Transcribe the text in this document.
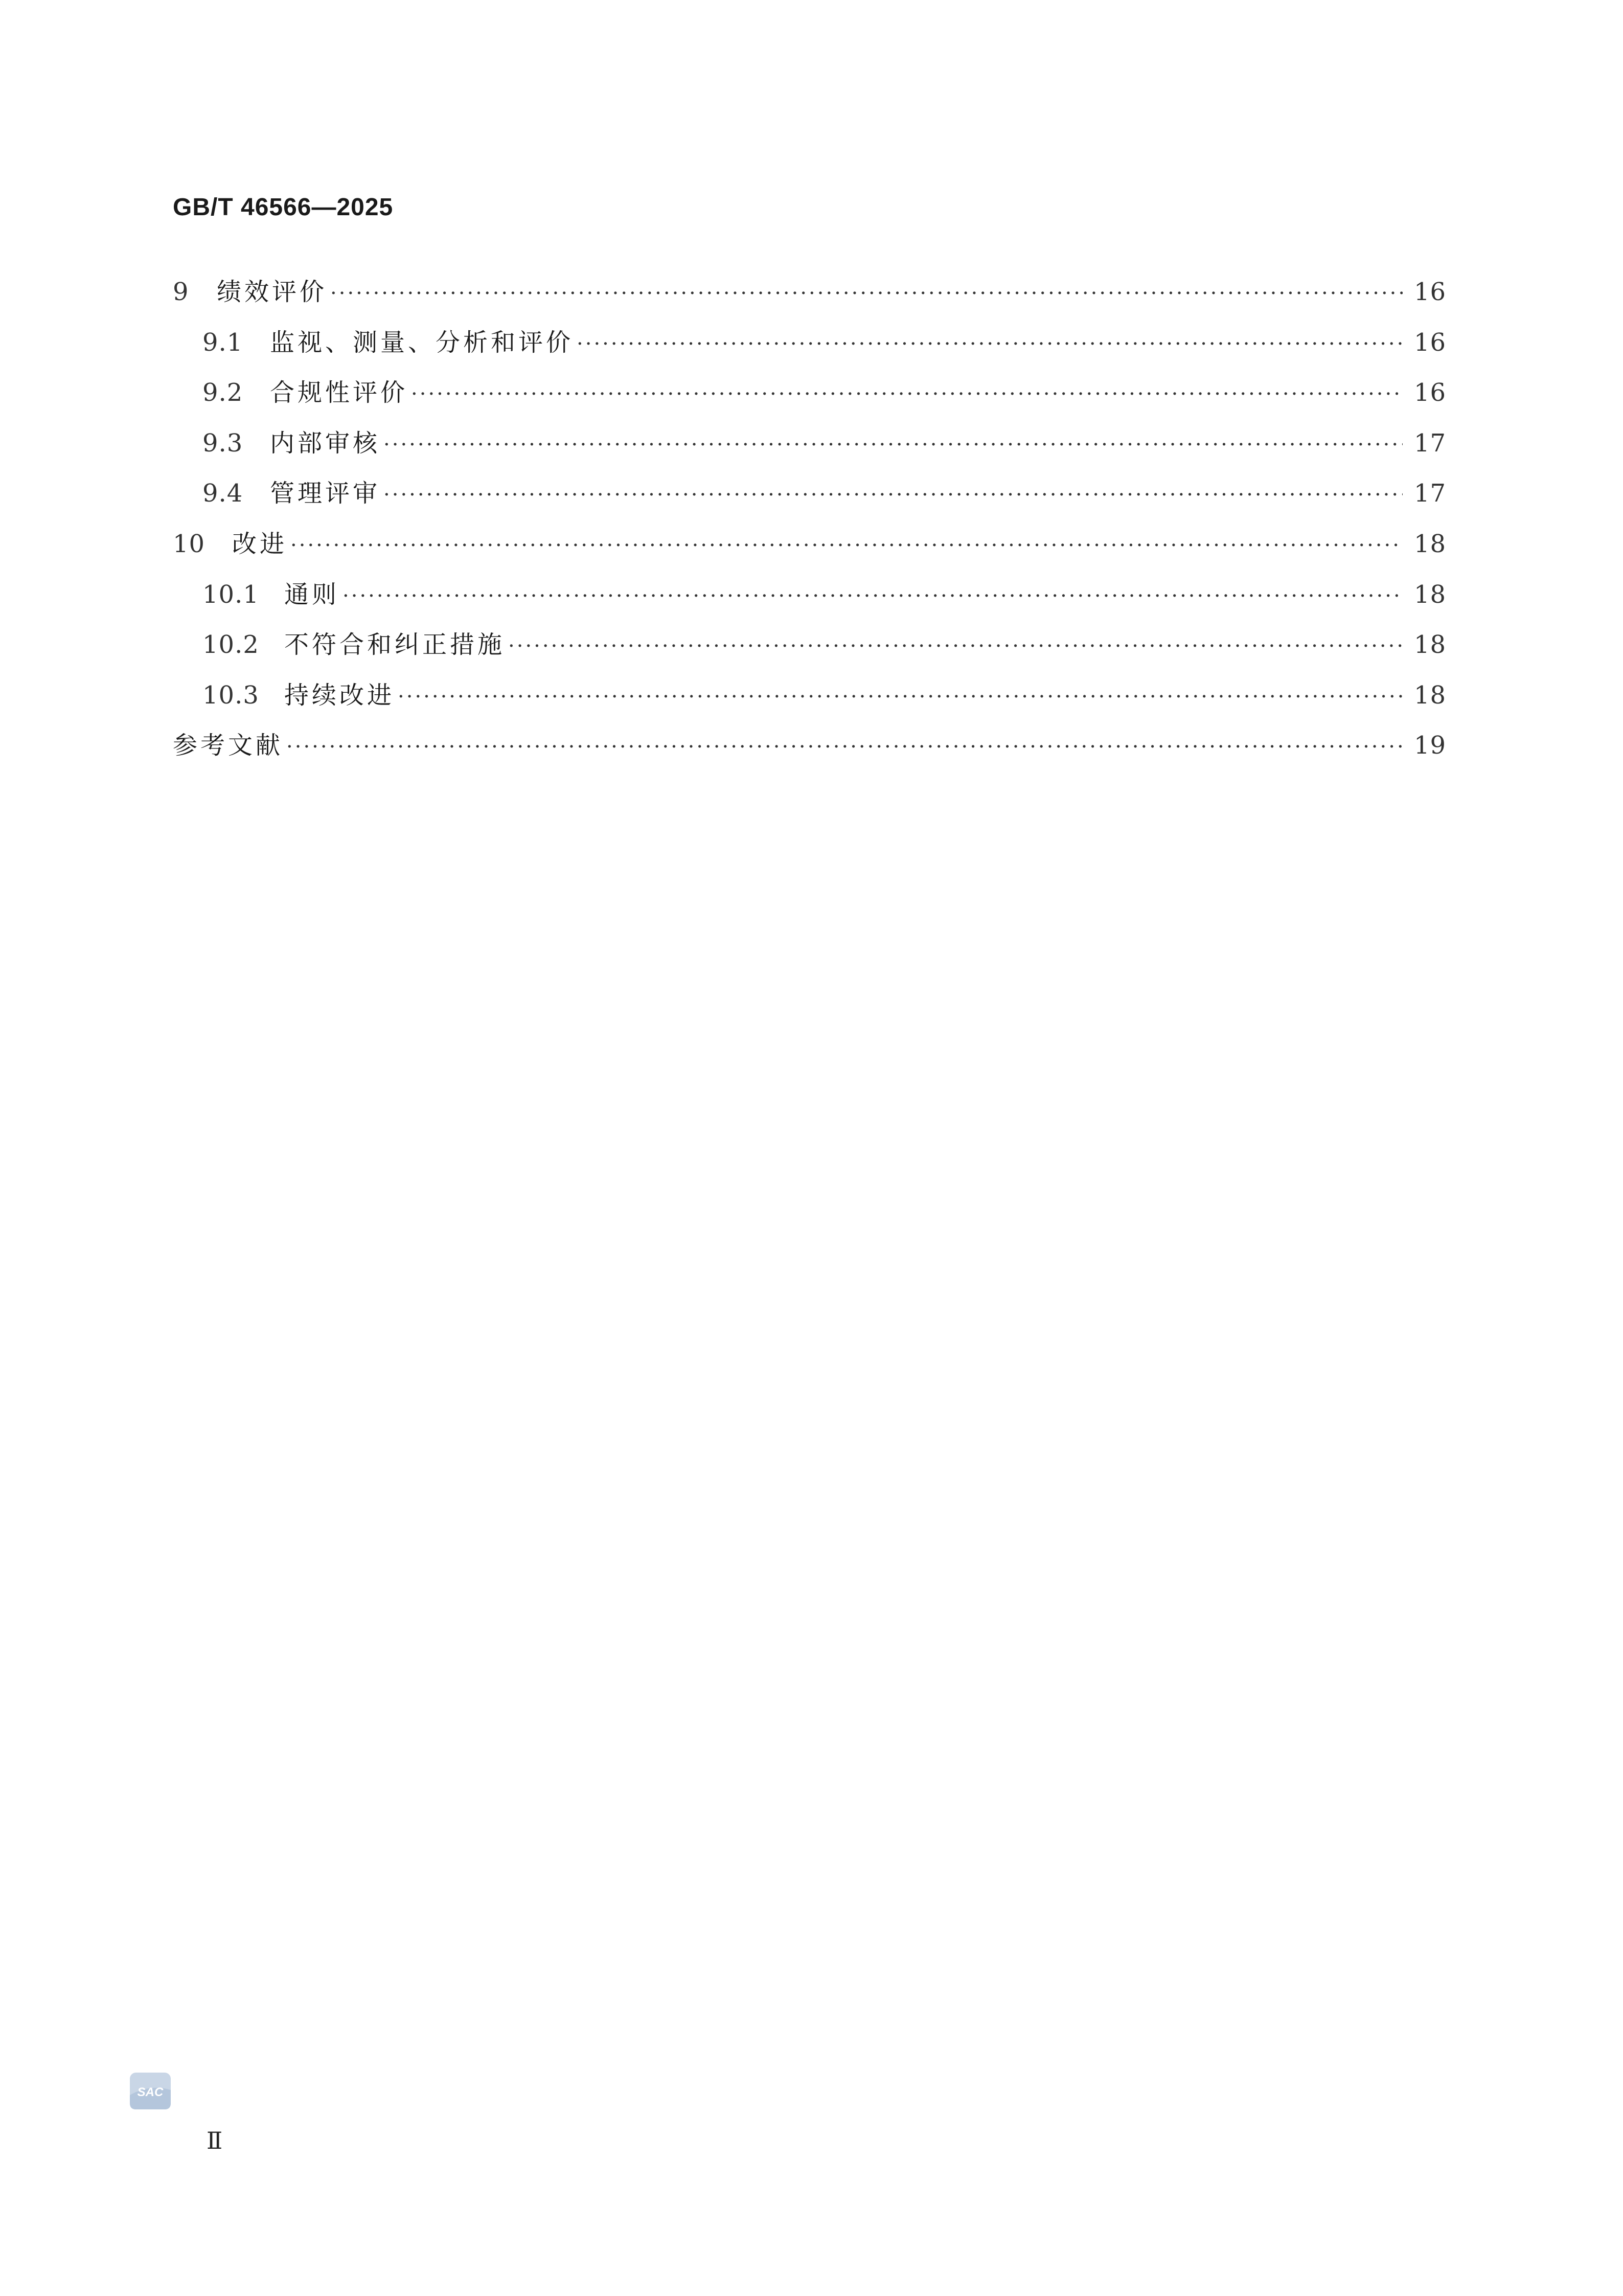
GB/T 46566—2025
9	绩效评价 ·····	16
9.1	监视、测量、分析和评价 ·····	16
9.2	合规性评价 ·····	16
9.3	内部审核 ·····	17
9.4	管理评审 ·····	17
10	改进 ·····	18
10.1	通则 ·····	18
10.2	不符合和纠正措施 ·····	18
10.3	持续改进 ·····	18
参考文献 ·····	19
SAC
Ⅱ
